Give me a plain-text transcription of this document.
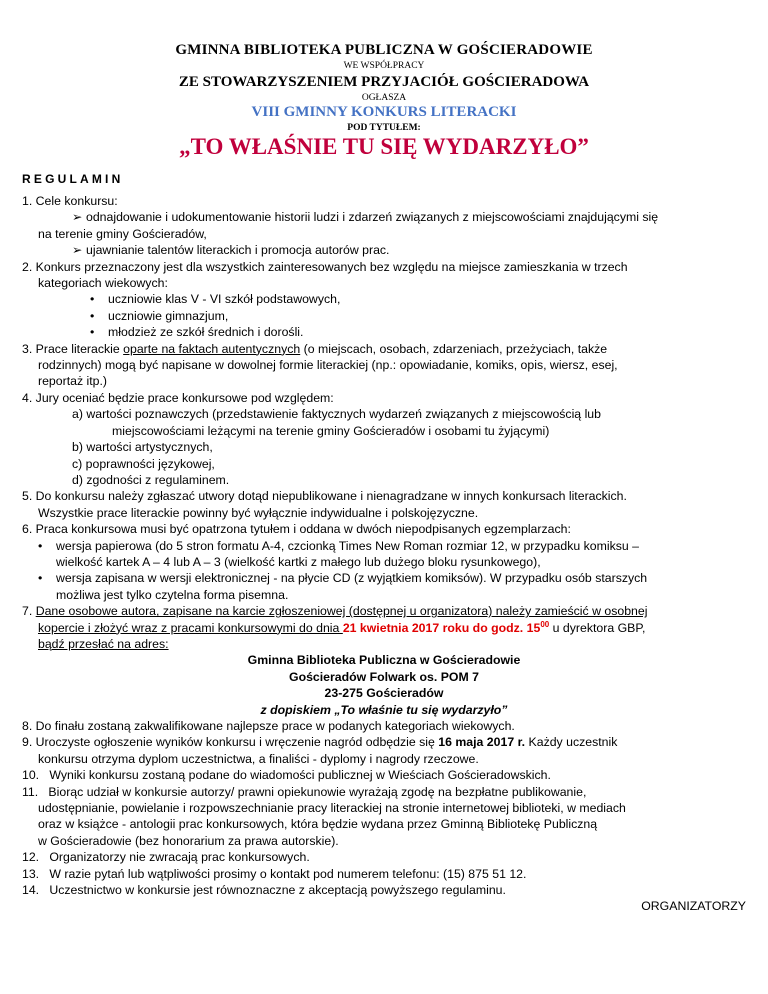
GMINNA BIBLIOTEKA PUBLICZNA W GOŚCIERADOWIE
WE WSPÓŁPRACY
ZE STOWARZYSZENIEM PRZYJACIÓŁ GOŚCIERADOWA
OGŁASZA
VIII GMINNY KONKURS LITERACKI
POD TYTUŁEM:
„TO WŁAŚNIE TU SIĘ WYDARZYŁO”
REGULAMIN
1. Cele konkursu:
➢ odnajdowanie i udokumentowanie historii ludzi i zdarzeń związanych z miejscowościami znajdującymi się
na terenie gminy Gościeradów,
➢ ujawnianie talentów literackich i promocja autorów prac.
2. Konkurs przeznaczony jest dla wszystkich zainteresowanych bez względu na miejsce zamieszkania w trzech
kategoriach wiekowych:
• uczniowie klas V - VI szkół podstawowych,
• uczniowie gimnazjum,
• młodzież ze szkół średnich i dorośli.
3. Prace literackie oparte na faktach autentycznych (o miejscach, osobach, zdarzeniach, przeżyciach, także
rodzinnych) mogą być napisane w dowolnej formie literackiej (np.: opowiadanie, komiks, opis, wiersz, esej,
reportaż itp.)
4. Jury oceniać będzie prace konkursowe pod względem:
a) wartości poznawczych (przedstawienie faktycznych wydarzeń związanych z miejscowością lub
miejscowościami leżącymi na terenie gminy Gościeradów i osobami tu żyjącymi)
b) wartości artystycznych,
c) poprawności językowej,
d) zgodności z regulaminem.
5. Do konkursu należy zgłaszać utwory dotąd niepublikowane i nienagradzane w innych konkursach literackich.
Wszystkie prace literackie powinny być wyłącznie indywidualne i polskojęzyczne.
6. Praca konkursowa musi być opatrzona tytułem i oddana w dwóch niepodpisanych egzemplarzach:
• wersja papierowa (do 5 stron formatu A-4, czcionką Times New Roman rozmiar 12, w przypadku komiksu –
wielkość kartek A – 4 lub A – 3 (wielkość kartki z małego lub dużego bloku rysunkowego),
• wersja zapisana w wersji elektronicznej - na płycie CD (z wyjątkiem komiksów). W przypadku osób starszych
możliwa jest tylko czytelna forma pisemna.
7. Dane osobowe autora, zapisane na karcie zgłoszeniowej (dostępnej u organizatora) należy zamieścić w osobnej
kopercie i złożyć wraz z pracami konkursowymi do dnia 21 kwietnia 2017 roku do godz. $15^{00}$ u dyrektora GBP,
bądź przesłać na adres:
Gminna Biblioteka Publiczna w Gościeradowie
Gościeradów Folwark os. POM 7
23-275 Gościeradów
z dopiskiem „To właśnie tu się wydarzyło”
8. Do finału zostaną zakwalifikowane najlepsze prace w podanych kategoriach wiekowych.
9. Uroczyste ogłoszenie wyników konkursu i wręczenie nagród odbędzie się 16 maja 2017 r. Każdy uczestnik
konkursu otrzyma dyplom uczestnictwa, a finaliści - dyplomy i nagrody rzeczowe.
10.   Wyniki konkursu zostaną podane do wiadomości publicznej w Wieściach Gościeradowskich.
11.   Biorąc udział w konkursie autorzy/ prawni opiekunowie wyrażają zgodę na bezpłatne publikowanie,
udostępnianie, powielanie i rozpowszechnianie pracy literackiej na stronie internetowej biblioteki, w mediach
oraz w książce - antologii prac konkursowych, która będzie wydana przez Gminną Bibliotekę Publiczną
w Gościeradowie (bez honorarium za prawa autorskie).
12.   Organizatorzy nie zwracają prac konkursowych.
13.   W razie pytań lub wątpliwości prosimy o kontakt pod numerem telefonu: (15) 875 51 12.
14.   Uczestnictwo w konkursie jest równoznaczne z akceptacją powyższego regulaminu.
ORGANIZATORZY
